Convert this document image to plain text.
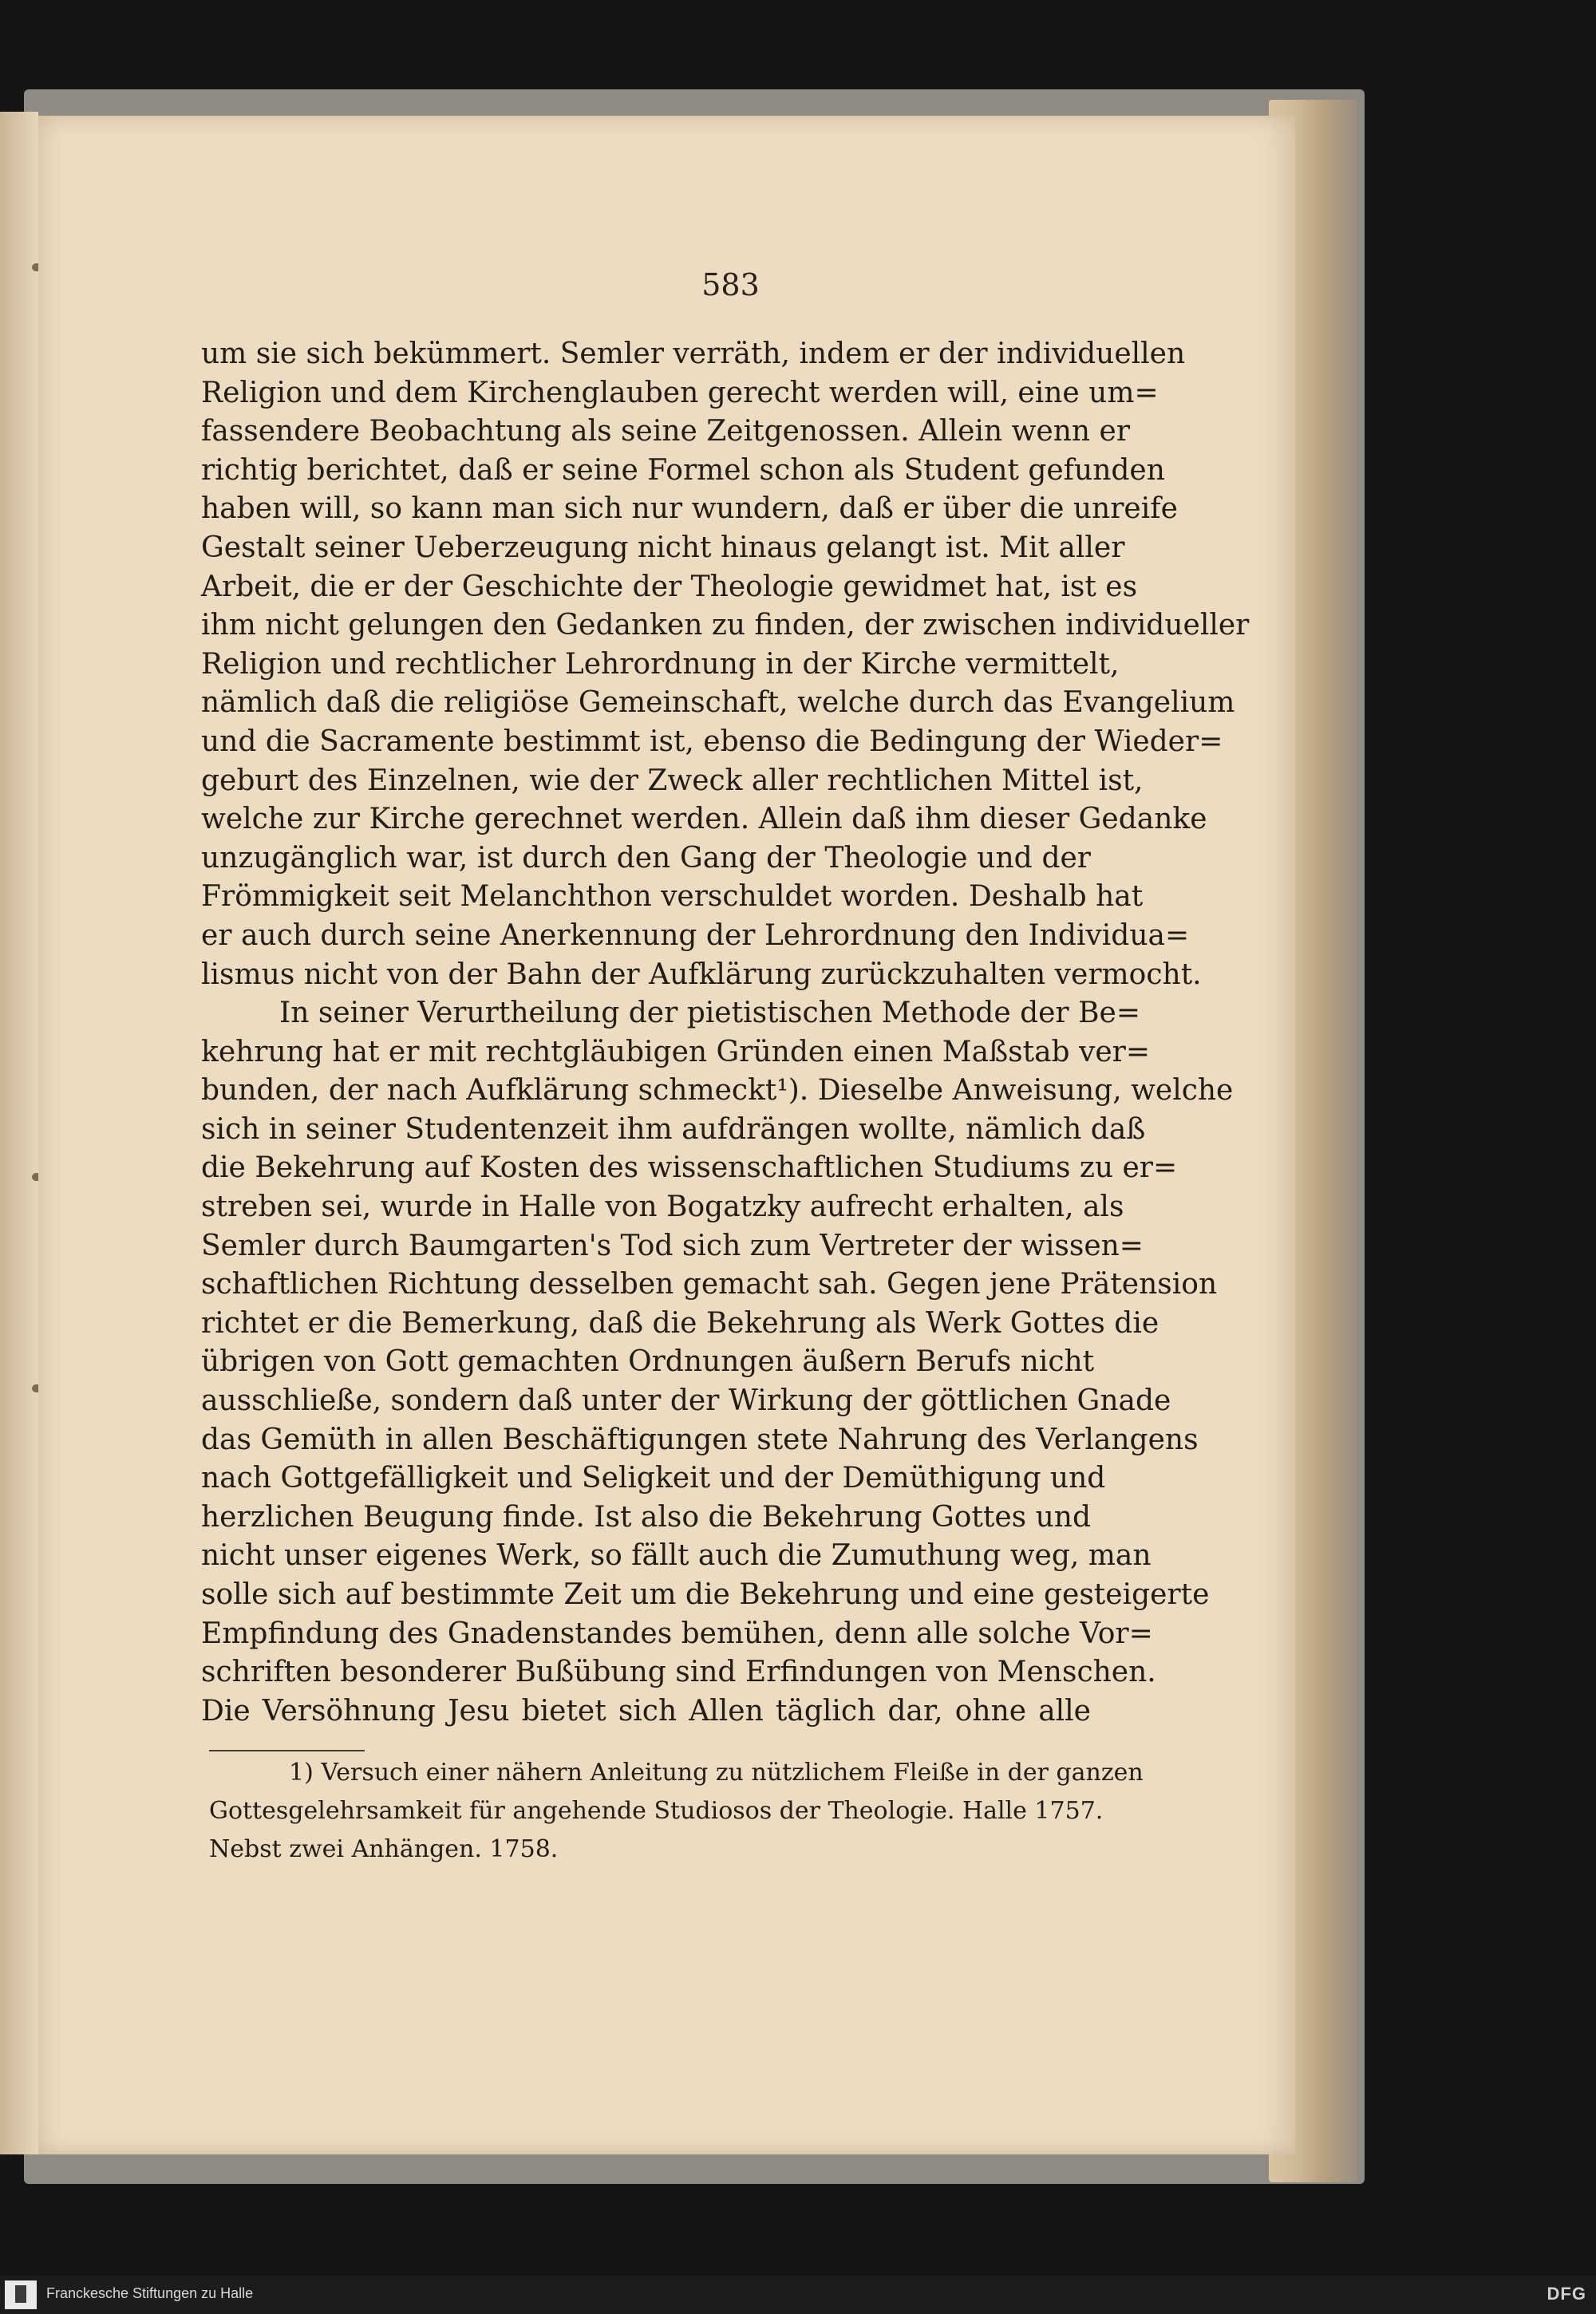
583
um sie sich bekümmert. Semler verräth, indem er der individuellen
Religion und dem Kirchenglauben gerecht werden will, eine um=
fassendere Beobachtung als seine Zeitgenossen. Allein wenn er
richtig berichtet, daß er seine Formel schon als Student gefunden
haben will, so kann man sich nur wundern, daß er über die unreife
Gestalt seiner Ueberzeugung nicht hinaus gelangt ist. Mit aller
Arbeit, die er der Geschichte der Theologie gewidmet hat, ist es
ihm nicht gelungen den Gedanken zu finden, der zwischen individueller
Religion und rechtlicher Lehrordnung in der Kirche vermittelt,
nämlich daß die religiöse Gemeinschaft, welche durch das Evangelium
und die Sacramente bestimmt ist, ebenso die Bedingung der Wieder=
geburt des Einzelnen, wie der Zweck aller rechtlichen Mittel ist,
welche zur Kirche gerechnet werden. Allein daß ihm dieser Gedanke
unzugänglich war, ist durch den Gang der Theologie und der
Frömmigkeit seit Melanchthon verschuldet worden. Deshalb hat
er auch durch seine Anerkennung der Lehrordnung den Individua=
lismus nicht von der Bahn der Aufklärung zurückzuhalten vermocht.
In seiner Verurtheilung der pietistischen Methode der Be=
kehrung hat er mit rechtgläubigen Gründen einen Maßstab ver=
bunden, der nach Aufklärung schmeckt¹). Dieselbe Anweisung, welche
sich in seiner Studentenzeit ihm aufdrängen wollte, nämlich daß
die Bekehrung auf Kosten des wissenschaftlichen Studiums zu er=
streben sei, wurde in Halle von Bogatzky aufrecht erhalten, als
Semler durch Baumgarten's Tod sich zum Vertreter der wissen=
schaftlichen Richtung desselben gemacht sah. Gegen jene Prätension
richtet er die Bemerkung, daß die Bekehrung als Werk Gottes die
übrigen von Gott gemachten Ordnungen äußern Berufs nicht
ausschließe, sondern daß unter der Wirkung der göttlichen Gnade
das Gemüth in allen Beschäftigungen stete Nahrung des Verlangens
nach Gottgefälligkeit und Seligkeit und der Demüthigung und
herzlichen Beugung finde. Ist also die Bekehrung Gottes und
nicht unser eigenes Werk, so fällt auch die Zumuthung weg, man
solle sich auf bestimmte Zeit um die Bekehrung und eine gesteigerte
Empfindung des Gnadenstandes bemühen, denn alle solche Vor=
schriften besonderer Bußübung sind Erfindungen von Menschen.
Die Versöhnung Jesu bietet sich Allen täglich dar, ohne alle
1) Versuch einer nähern Anleitung zu nützlichem Fleiße in der ganzen
Gottesgelehrsamkeit für angehende Studiosos der Theologie. Halle 1757.
Nebst zwei Anhängen. 1758.
Franckesche Stiftungen zu Halle	DFG
